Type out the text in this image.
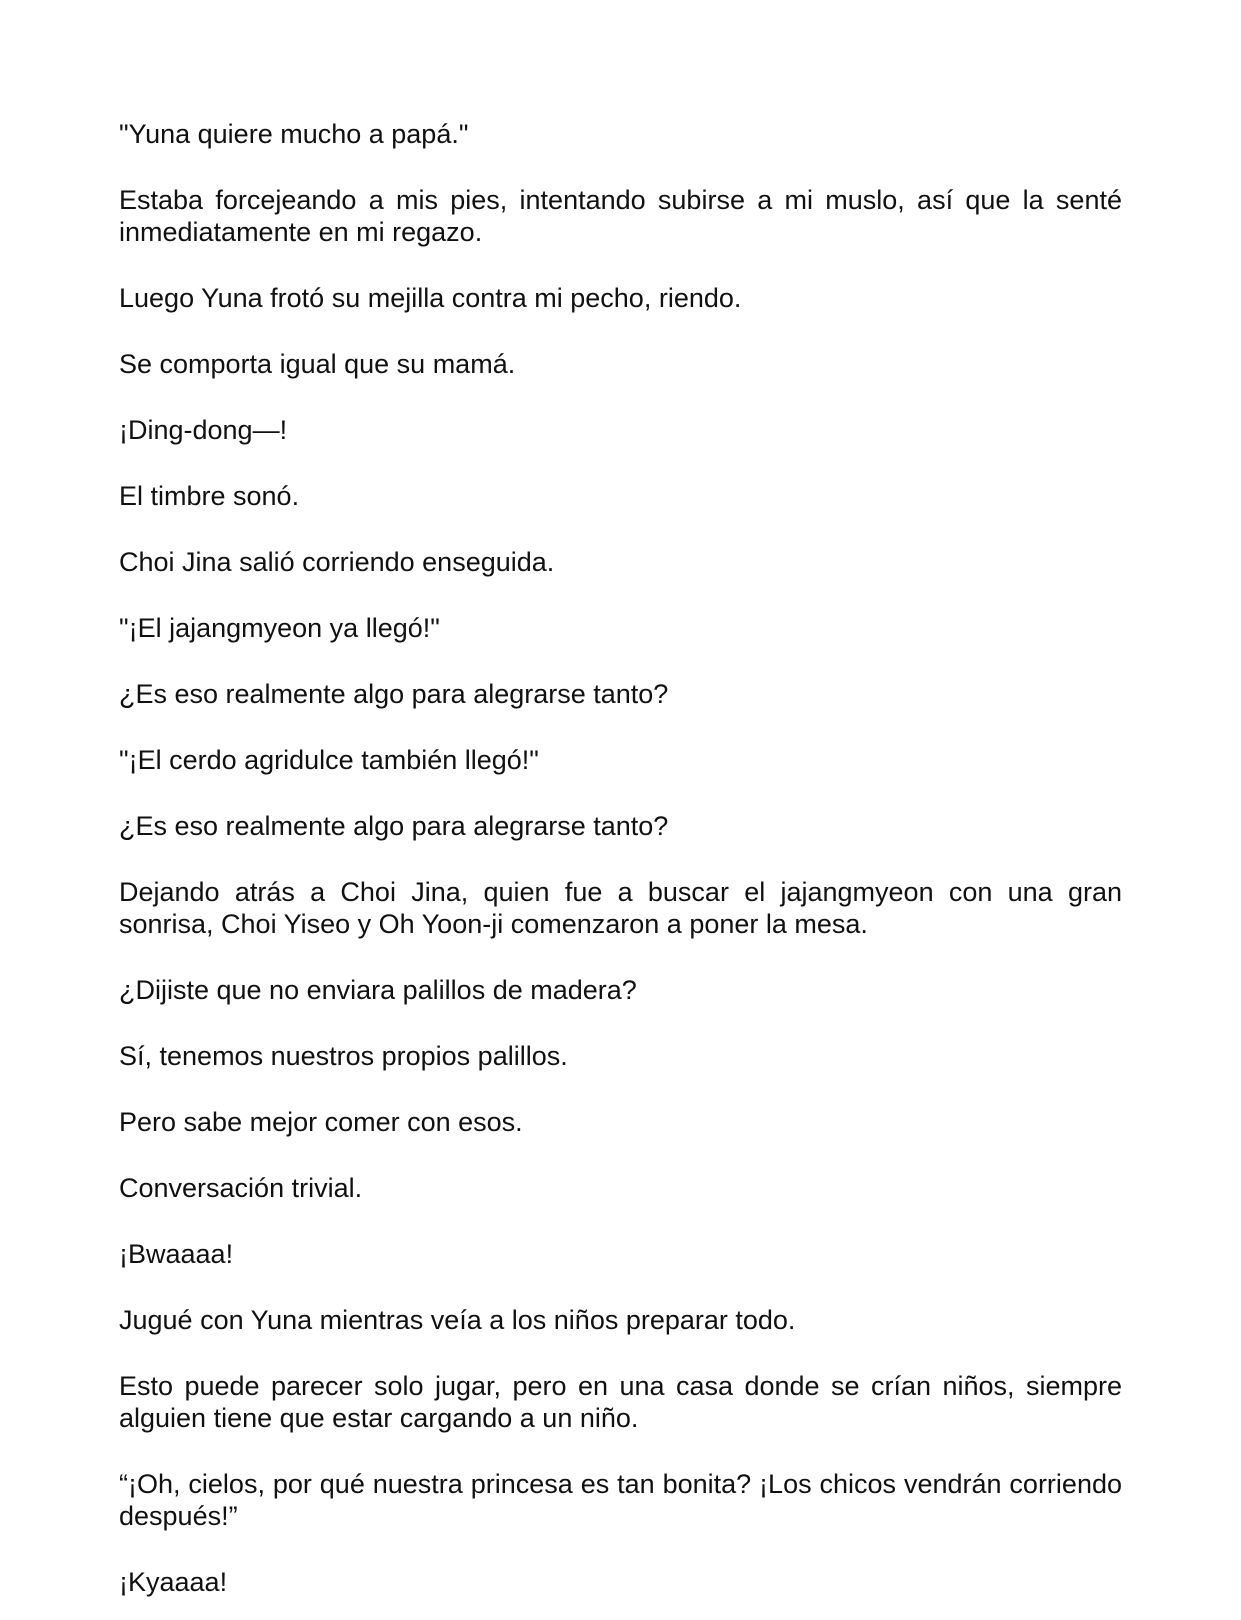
"Yuna quiere mucho a papá."

Estaba forcejeando a mis pies, intentando subirse a mi muslo, así que la senté inmediatamente en mi regazo.

Luego Yuna frotó su mejilla contra mi pecho, riendo.

Se comporta igual que su mamá.

¡Ding-dong—!

El timbre sonó.

Choi Jina salió corriendo enseguida.

"¡El jajangmyeon ya llegó!"

¿Es eso realmente algo para alegrarse tanto?

"¡El cerdo agridulce también llegó!"

¿Es eso realmente algo para alegrarse tanto?

Dejando atrás a Choi Jina, quien fue a buscar el jajangmyeon con una gran sonrisa, Choi Yiseo y Oh Yoon-ji comenzaron a poner la mesa.

¿Dijiste que no enviara palillos de madera?

Sí, tenemos nuestros propios palillos.

Pero sabe mejor comer con esos.

Conversación trivial.

¡Bwaaaa!

Jugué con Yuna mientras veía a los niños preparar todo.

Esto puede parecer solo jugar, pero en una casa donde se crían niños, siempre alguien tiene que estar cargando a un niño.

“¡Oh, cielos, por qué nuestra princesa es tan bonita? ¡Los chicos vendrán corriendo después!”

¡Kyaaaa!
